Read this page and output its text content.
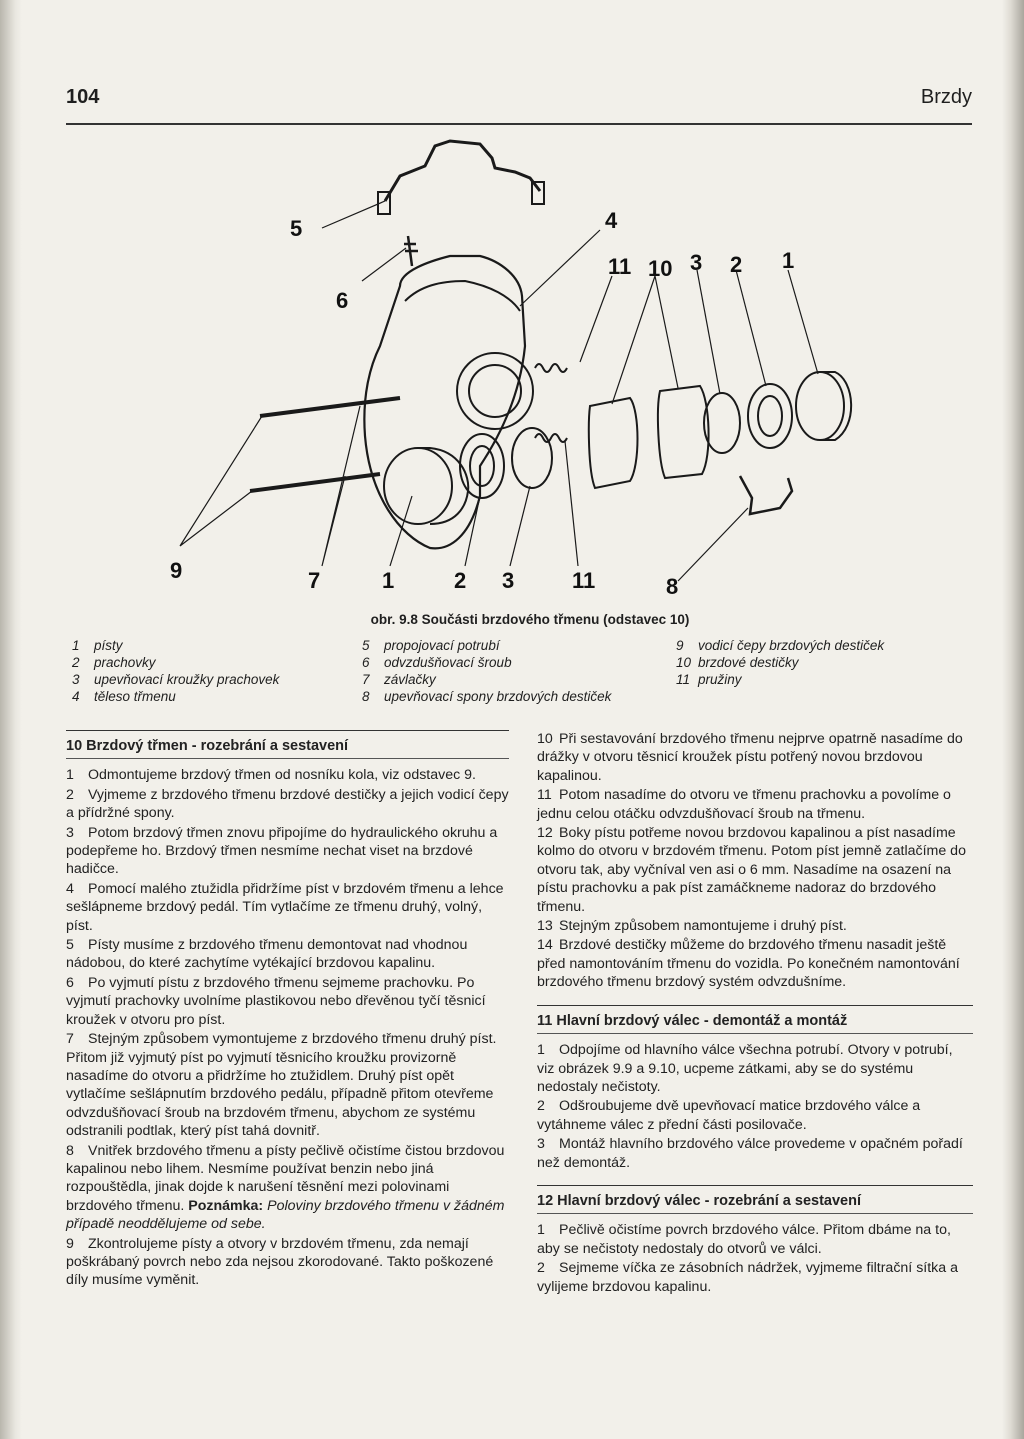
104	Brzdy
5
6
4
11 10 3 2 1
9	7	1	2 3	11	8
obr. 9.8 Součásti brzdového třmenu (odstavec 10)
1 písty
2 prachovky
3 upevňovací kroužky prachovek
4 těleso třmenu
5 propojovací potrubí
6 odvzdušňovací šroub
7 závlačky
8 upevňovací spony brzdových destiček
9 vodicí čepy brzdových destiček
10 brzdové destičky
11 pružiny
10 Brzdový třmen - rozebrání a sestavení

1 Odmontujeme brzdový třmen od nosníku kola, viz odstavec 9.

2 Vyjmeme z brzdového třmenu brzdové destičky a jejich vodicí čepy a přídržné spony.

3 Potom brzdový třmen znovu připojíme do hydraulického okruhu a podepřeme ho. Brzdový třmen nesmíme nechat viset na brzdové hadičce.

4 Pomocí malého ztužidla přidržíme píst v brzdovém třmenu a lehce sešlápneme brzdový pedál. Tím vytlačíme ze třmenu druhý, volný, píst.

5 Písty musíme z brzdového třmenu demontovat nad vhodnou nádobou, do které zachytíme vytékající brzdovou kapalinu.

6 Po vyjmutí pístu z brzdového třmenu sejmeme prachovku. Po vyjmutí prachovky uvolníme plastikovou nebo dřevěnou tyčí těsnicí kroužek v otvoru pro píst.

7 Stejným způsobem vymontujeme z brzdového třmenu druhý píst. Přitom již vyjmutý píst po vyjmutí těsnicího kroužku provizorně nasadíme do otvoru a přidržíme ho ztužidlem. Druhý píst opět vytlačíme sešlápnutím brzdového pedálu, případně přitom otevřeme odvzdušňovací šroub na brzdovém třmenu, abychom ze systému odstranili podtlak, který píst tahá dovnitř.

8 Vnitřek brzdového třmenu a písty pečlivě očistíme čistou brzdovou kapalinou nebo lihem. Nesmíme používat benzin nebo jiná rozpouštědla, jinak dojde k narušení těsnění mezi polovinami brzdového třmenu. Poznámka: Poloviny brzdového třmenu v žádném případě neoddělujeme od sebe.

9 Zkontrolujeme písty a otvory v brzdovém třmenu, zda nemají poškrábaný povrch nebo zda nejsou zkorodované. Takto poškozené díly musíme vyměnit.

10 Při sestavování brzdového třmenu nejprve opatrně nasadíme do drážky v otvoru těsnicí kroužek pístu potřený novou brzdovou kapalinou.

11 Potom nasadíme do otvoru ve třmenu prachovku a povolíme o jednu celou otáčku odvzdušňovací šroub na třmenu.

12 Boky pístu potřeme novou brzdovou kapalinou a píst nasadíme kolmo do otvoru v brzdovém třmenu. Potom píst jemně zatlačíme do otvoru tak, aby vyčníval ven asi o 6 mm. Nasadíme na osazení na pístu prachovku a pak píst zamáčkneme nadoraz do brzdového třmenu.

13 Stejným způsobem namontujeme i druhý píst.

14 Brzdové destičky můžeme do brzdového třmenu nasadit ještě před namontováním třmenu do vozidla. Po konečném namontování brzdového třmenu brzdový systém odvzdušníme.

11 Hlavní brzdový válec - demontáž a montáž

1 Odpojíme od hlavního válce všechna potrubí. Otvory v potrubí, viz obrázek 9.9 a 9.10, ucpeme zátkami, aby se do systému nedostaly nečistoty.

2 Odšroubujeme dvě upevňovací matice brzdového válce a vytáhneme válec z přední části posilovače.

3 Montáž hlavního brzdového válce provedeme v opačném pořadí než demontáž.

12 Hlavní brzdový válec - rozebrání a sestavení

1 Pečlivě očistíme povrch brzdového válce. Přitom dbáme na to, aby se nečistoty nedostaly do otvorů ve válci.

2 Sejmeme víčka ze zásobních nádržek, vyjmeme filtrační sítka a vylijeme brzdovou kapalinu.
